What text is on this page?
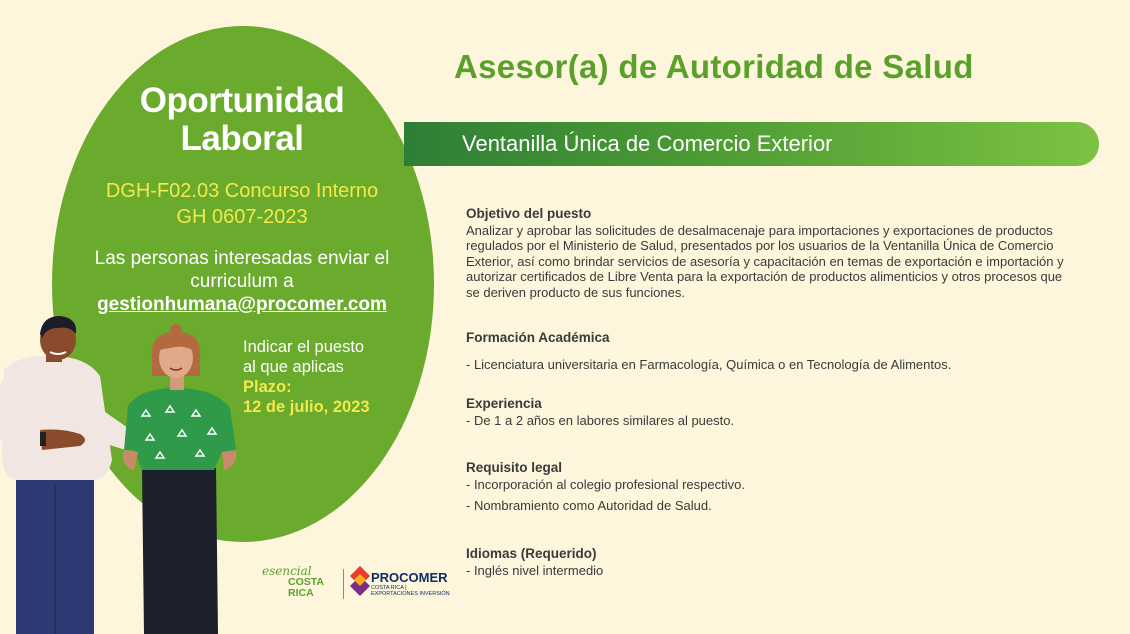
Oportunidad
Laboral
DGH-F02.03 Concurso Interno
GH 0607-2023
Las personas interesadas enviar el curriculum a
gestionhumana@procomer.com
Indicar el puesto
al que aplicas
Plazo:
12 de julio, 2023
esencial
COSTA
RICA
PROCOMER
COSTA RICA | EXPORTACIONES INVERSIÓN
Asesor(a) de Autoridad de Salud
Ventanilla Única de Comercio Exterior

Objetivo del puesto

Analizar y aprobar las solicitudes de desalmacenaje para importaciones y exportaciones de productos regulados por el Ministerio de Salud, presentados por los usuarios de la Ventanilla Única de Comercio Exterior, así como brindar servicios de asesoría y capacitación en temas de exportación e importación y autorizar certificados de Libre Venta para la exportación de productos alimenticios y otros procesos que se deriven producto de sus funciones.

Formación Académica

- Licenciatura universitaria en Farmacología, Química o en Tecnología de Alimentos.

Experiencia

- De 1 a 2 años en labores similares al puesto.

Requisito legal

- Incorporación al colegio profesional respectivo.

- Nombramiento como Autoridad de Salud.

Idiomas (Requerido)

- Inglés nivel intermedio
